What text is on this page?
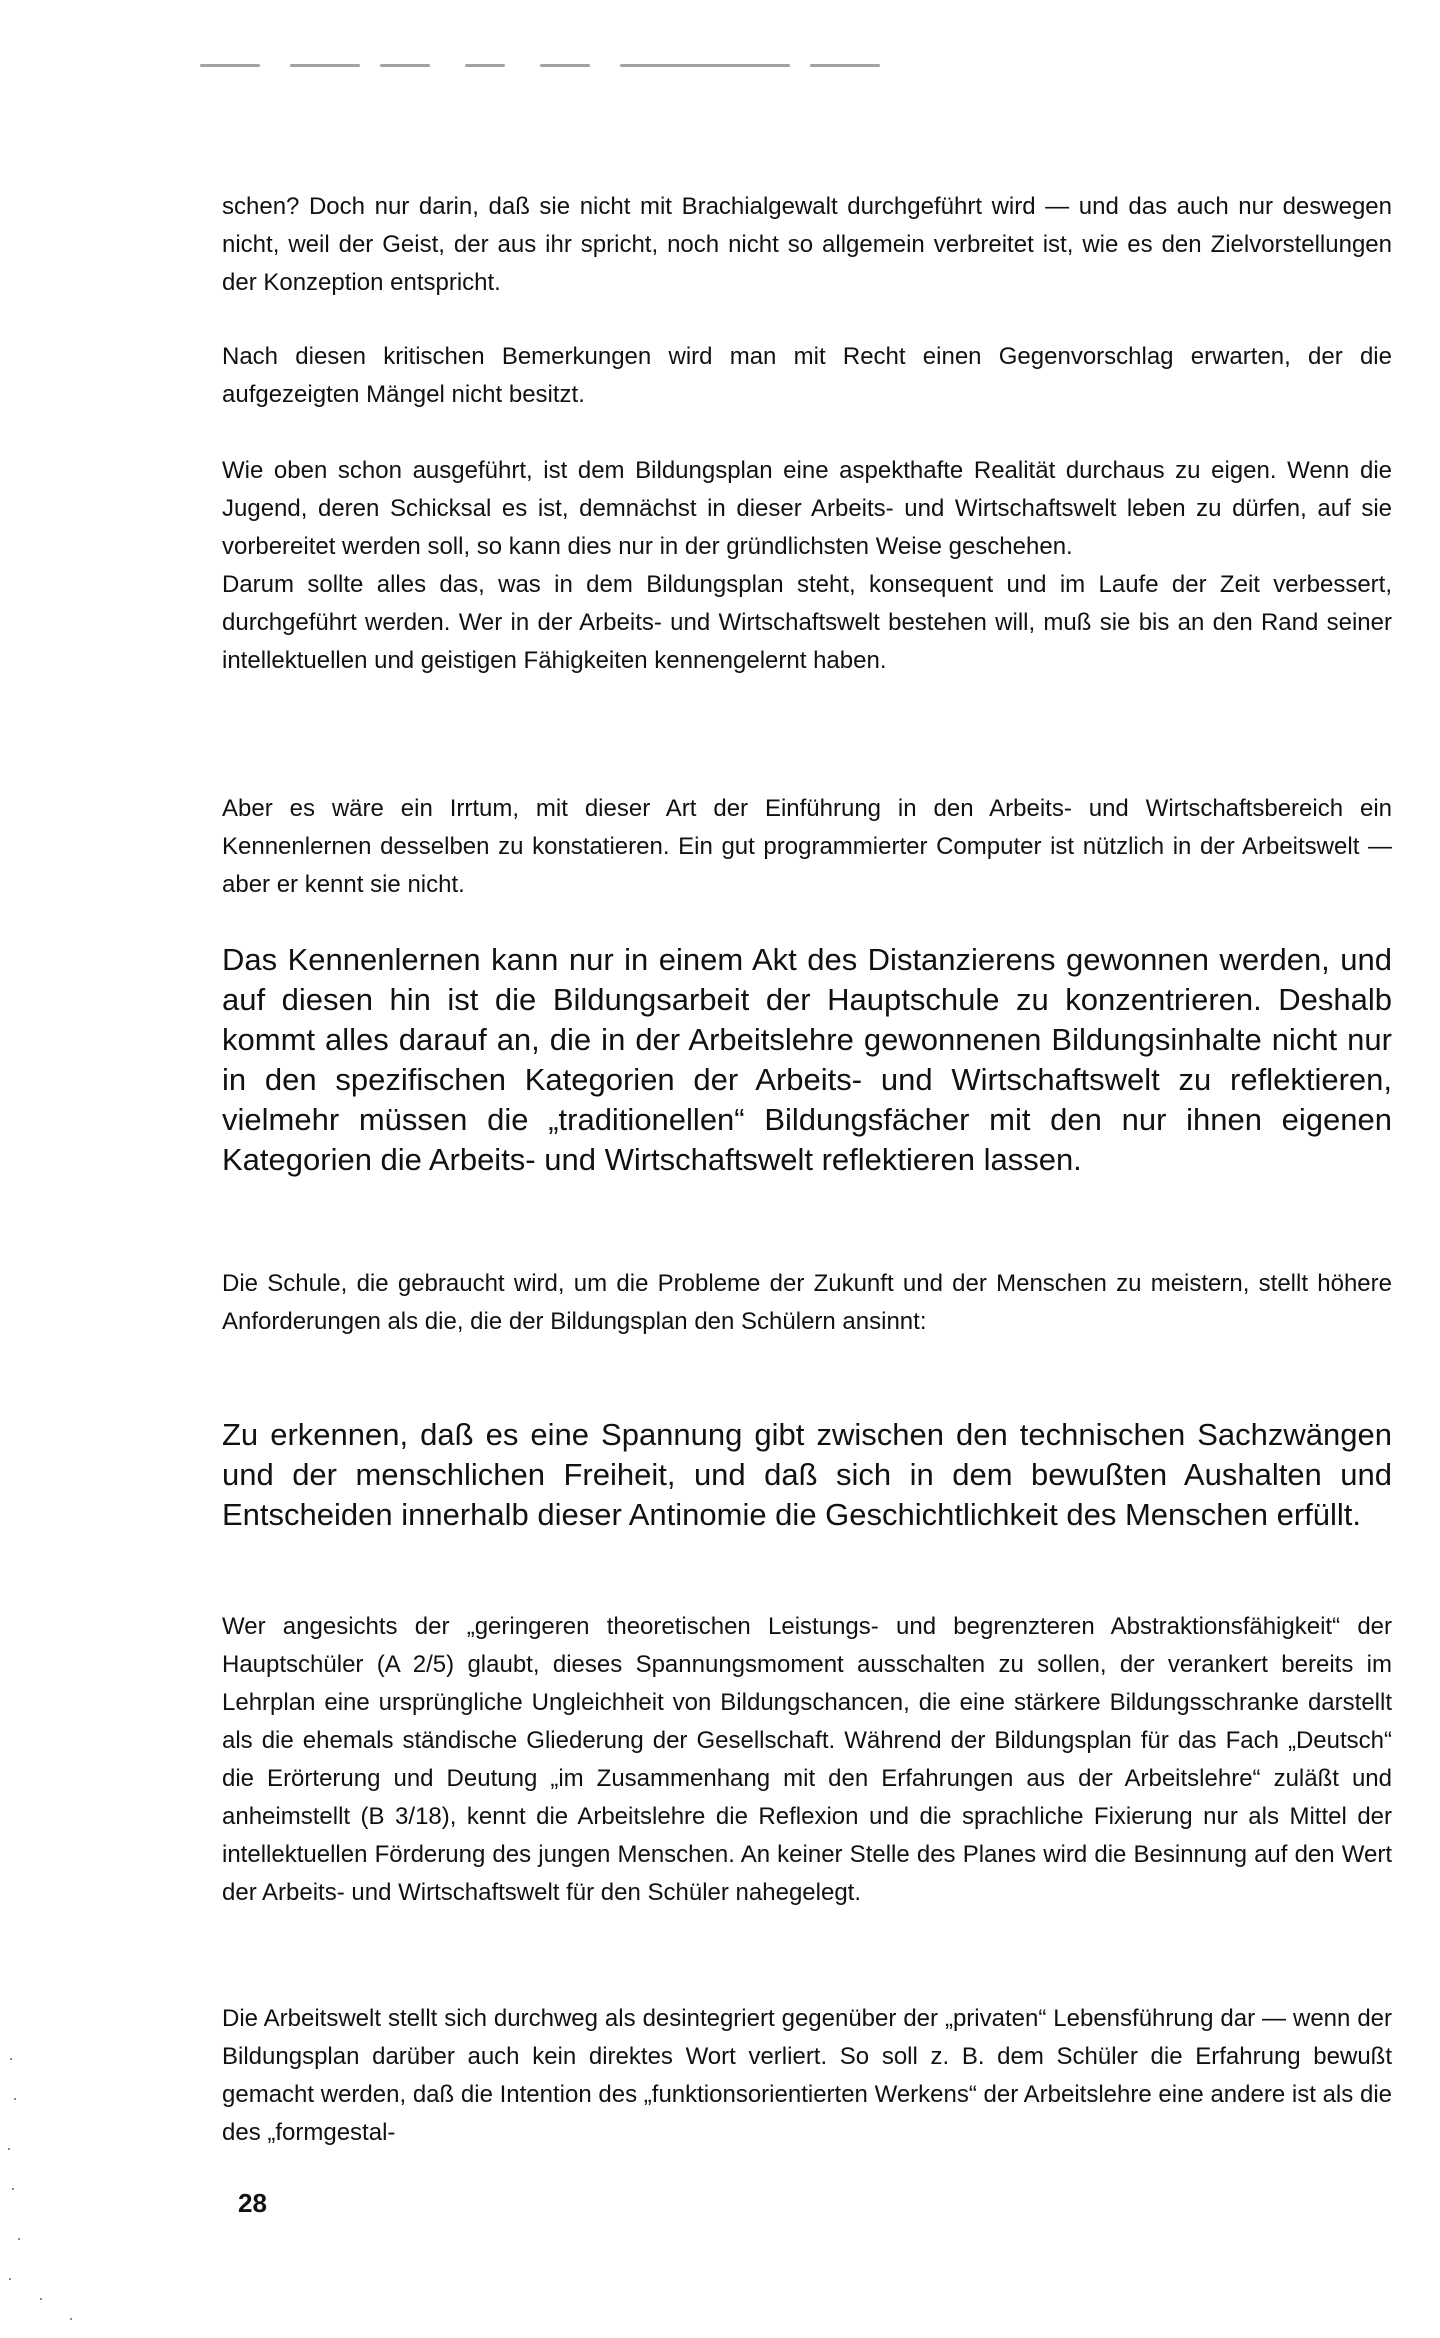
schen? Doch nur darin, daß sie nicht mit Brachialgewalt durchgeführt wird — und das auch nur deswegen nicht, weil der Geist, der aus ihr spricht, noch nicht so allgemein verbreitet ist, wie es den Zielvorstellungen der Konzeption entspricht.

Nach diesen kritischen Bemerkungen wird man mit Recht einen Gegenvorschlag erwarten, der die aufgezeigten Mängel nicht besitzt.

Wie oben schon ausgeführt, ist dem Bildungsplan eine aspekthafte Realität durchaus zu eigen. Wenn die Jugend, deren Schicksal es ist, demnächst in dieser Arbeits- und Wirtschaftswelt leben zu dürfen, auf sie vorbereitet werden soll, so kann dies nur in der gründlichsten Weise geschehen.

Darum sollte alles das, was in dem Bildungsplan steht, konsequent und im Laufe der Zeit verbessert, durchgeführt werden. Wer in der Arbeits- und Wirtschaftswelt bestehen will, muß sie bis an den Rand seiner intellektuellen und geistigen Fähigkeiten kennengelernt haben.

Aber es wäre ein Irrtum, mit dieser Art der Einführung in den Arbeits- und Wirtschaftsbereich ein Kennenlernen desselben zu konstatieren. Ein gut programmierter Computer ist nützlich in der Arbeitswelt — aber er kennt sie nicht.

Das Kennenlernen kann nur in einem Akt des Distanzierens gewonnen werden, und auf diesen hin ist die Bildungsarbeit der Hauptschule zu konzentrieren. Deshalb kommt alles darauf an, die in der Arbeitslehre gewonnenen Bildungsinhalte nicht nur in den spezifischen Kategorien der Arbeits- und Wirtschaftswelt zu reflektieren, vielmehr müssen die „traditionellen“ Bildungsfächer mit den nur ihnen eigenen Kategorien die Arbeits- und Wirtschaftswelt reflektieren lassen.

Die Schule, die gebraucht wird, um die Probleme der Zukunft und der Menschen zu meistern, stellt höhere Anforderungen als die, die der Bildungsplan den Schülern ansinnt:

Zu erkennen, daß es eine Spannung gibt zwischen den technischen Sachzwängen und der menschlichen Freiheit, und daß sich in dem bewußten Aushalten und Entscheiden innerhalb dieser Antinomie die Geschichtlichkeit des Menschen erfüllt.

Wer angesichts der „geringeren theoretischen Leistungs- und begrenzteren Abstraktionsfähigkeit“ der Hauptschüler (A 2/5) glaubt, dieses Spannungsmoment ausschalten zu sollen, der verankert bereits im Lehrplan eine ursprüngliche Ungleichheit von Bildungschancen, die eine stärkere Bildungsschranke darstellt als die ehemals ständische Gliederung der Gesellschaft. Während der Bildungsplan für das Fach „Deutsch“ die Erörterung und Deutung „im Zusammenhang mit den Erfahrungen aus der Arbeitslehre“ zuläßt und anheimstellt (B 3/18), kennt die Arbeitslehre die Reflexion und die sprachliche Fixierung nur als Mittel der intellektuellen Förderung des jungen Menschen. An keiner Stelle des Planes wird die Besinnung auf den Wert der Arbeits- und Wirtschaftswelt für den Schüler nahegelegt.

Die Arbeitswelt stellt sich durchweg als desintegriert gegenüber der „privaten“ Lebensführung dar — wenn der Bildungsplan darüber auch kein direktes Wort verliert. So soll z. B. dem Schüler die Erfahrung bewußt gemacht werden, daß die Intention des „funktionsorientierten Werkens“ der Arbeitslehre eine andere ist als die des „formgestal-

28
